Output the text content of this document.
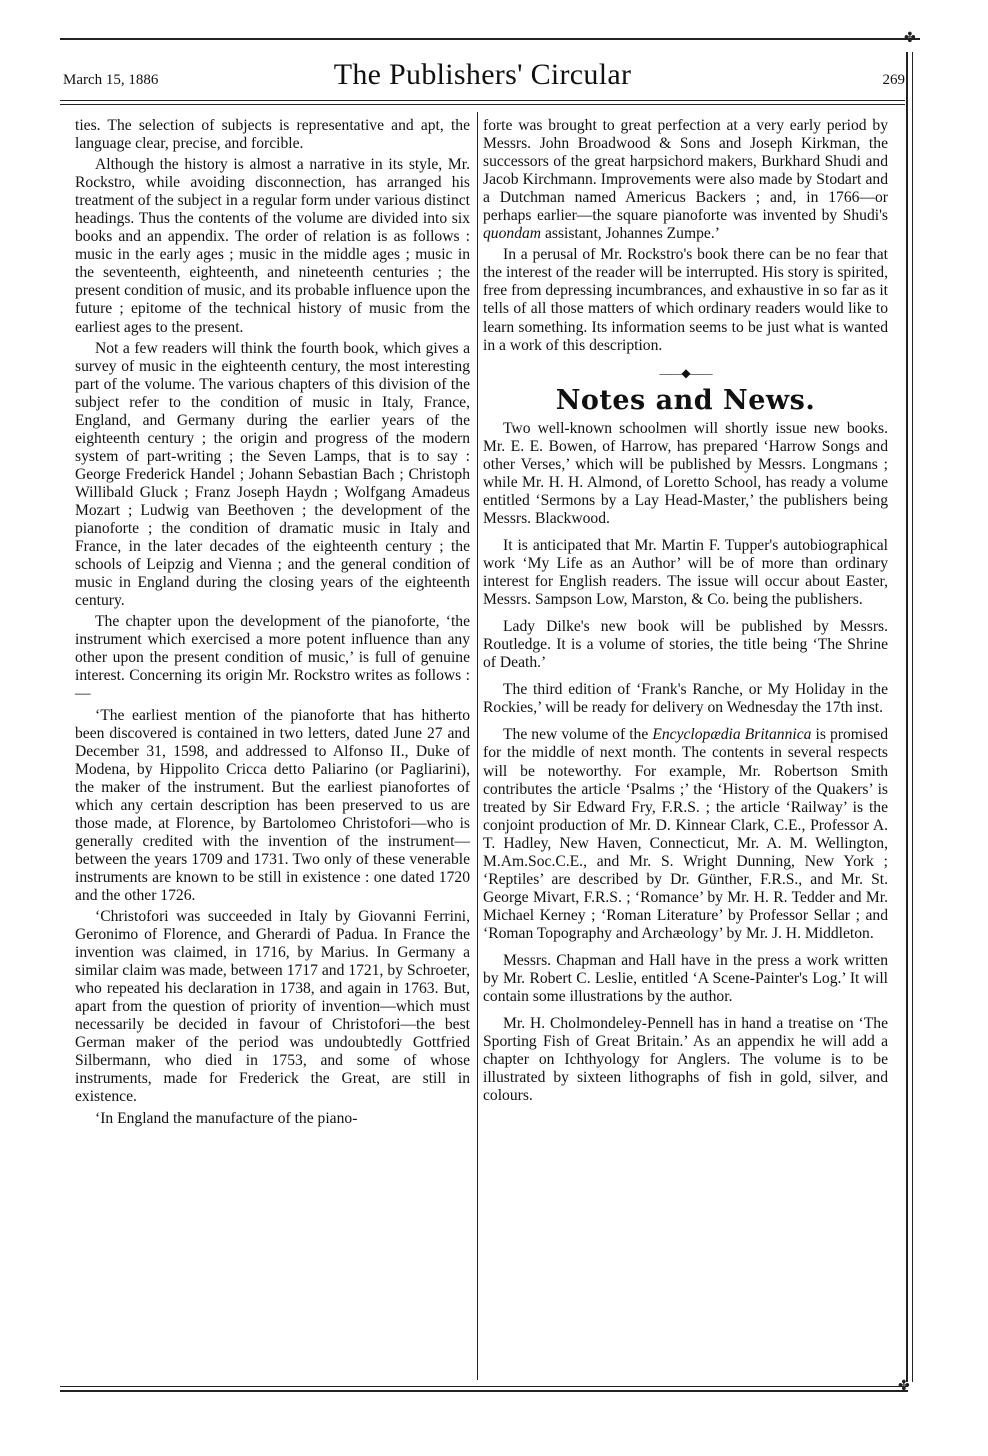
✤
✤
March 15, 1886	The Publishers' Circular	269

ties. The selection of subjects is representative and apt, the language clear, precise, and forcible.

Although the history is almost a narrative in its style, Mr. Rockstro, while avoiding disconnection, has arranged his treatment of the subject in a regular form under various distinct headings. Thus the contents of the volume are divided into six books and an appendix. The order of relation is as follows : music in the early ages ; music in the middle ages ; music in the seventeenth, eighteenth, and nineteenth centuries ; the present condition of music, and its probable influence upon the future ; epitome of the technical history of music from the earliest ages to the present.

Not a few readers will think the fourth book, which gives a survey of music in the eighteenth century, the most interesting part of the volume. The various chapters of this division of the subject refer to the condition of music in Italy, France, England, and Germany during the earlier years of the eighteenth century ; the origin and progress of the modern system of part-writing ; the Seven Lamps, that is to say : George Frederick Handel ; Johann Sebastian Bach ; Christoph Willibald Gluck ; Franz Joseph Haydn ; Wolfgang Amadeus Mozart ; Ludwig van Beethoven ; the development of the pianoforte ; the condition of dramatic music in Italy and France, in the later decades of the eighteenth century ; the schools of Leipzig and Vienna ; and the general condition of music in England during the closing years of the eighteenth century.

The chapter upon the development of the pianoforte, ‘the instrument which exercised a more potent influence than any other upon the present condition of music,’ is full of genuine interest. Concerning its origin Mr. Rockstro writes as follows :—

‘The earliest mention of the pianoforte that has hitherto been discovered is contained in two letters, dated June 27 and December 31, 1598, and addressed to Alfonso II., Duke of Modena, by Hippolito Cricca detto Paliarino (or Pagliarini), the maker of the instrument. But the earliest pianofortes of which any certain description has been preserved to us are those made, at Florence, by Bartolomeo Christofori—who is generally credited with the invention of the instrument—between the years 1709 and 1731. Two only of these venerable instruments are known to be still in existence : one dated 1720 and the other 1726.

‘Christofori was succeeded in Italy by Giovanni Ferrini, Geronimo of Florence, and Gherardi of Padua. In France the invention was claimed, in 1716, by Marius. In Germany a similar claim was made, between 1717 and 1721, by Schroeter, who repeated his declaration in 1738, and again in 1763. But, apart from the question of priority of invention—which must necessarily be decided in favour of Christofori—the best German maker of the period was undoubtedly Gottfried Silbermann, who died in 1753, and some of whose instruments, made for Frederick the Great, are still in existence.

‘In England the manufacture of the piano-

forte was brought to great perfection at a very early period by Messrs. John Broadwood & Sons and Joseph Kirkman, the successors of the great harpsichord makers, Burkhard Shudi and Jacob Kirchmann. Improvements were also made by Stodart and a Dutchman named Americus Backers ; and, in 1766—or perhaps earlier—the square pianoforte was invented by Shudi's quondam assistant, Johannes Zumpe.’

In a perusal of Mr. Rockstro's book there can be no fear that the interest of the reader will be interrupted. His story is spirited, free from depressing incumbrances, and exhaustive in so far as it tells of all those matters of which ordinary readers would like to learn something. Its information seems to be just what is wanted in a work of this description.

——◆——
Notes and News.

Two well-known schoolmen will shortly issue new books. Mr. E. E. Bowen, of Harrow, has prepared ‘Harrow Songs and other Verses,’ which will be published by Messrs. Longmans ; while Mr. H. H. Almond, of Loretto School, has ready a volume entitled ‘Sermons by a Lay Head-Master,’ the publishers being Messrs. Blackwood.

It is anticipated that Mr. Martin F. Tupper's autobiographical work ‘My Life as an Author’ will be of more than ordinary interest for English readers. The issue will occur about Easter, Messrs. Sampson Low, Marston, & Co. being the publishers.

Lady Dilke's new book will be published by Messrs. Routledge. It is a volume of stories, the title being ‘The Shrine of Death.’

The third edition of ‘Frank's Ranche, or My Holiday in the Rockies,’ will be ready for delivery on Wednesday the 17th inst.

The new volume of the Encyclopædia Britannica is promised for the middle of next month. The contents in several respects will be noteworthy. For example, Mr. Robertson Smith contributes the article ‘Psalms ;’ the ‘History of the Quakers’ is treated by Sir Edward Fry, F.R.S. ; the article ‘Railway’ is the conjoint production of Mr. D. Kinnear Clark, C.E., Professor A. T. Hadley, New Haven, Connecticut, Mr. A. M. Wellington, M.Am.Soc.C.E., and Mr. S. Wright Dunning, New York ; ‘Reptiles’ are described by Dr. Günther, F.R.S., and Mr. St. George Mivart, F.R.S. ; ‘Romance’ by Mr. H. R. Tedder and Mr. Michael Kerney ; ‘Roman Literature’ by Professor Sellar ; and ‘Roman Topography and Archæology’ by Mr. J. H. Middleton.

Messrs. Chapman and Hall have in the press a work written by Mr. Robert C. Leslie, entitled ‘A Scene-Painter's Log.’ It will contain some illustrations by the author.

Mr. H. Cholmondeley-Pennell has in hand a treatise on ‘The Sporting Fish of Great Britain.’ As an appendix he will add a chapter on Ichthyology for Anglers. The volume is to be illustrated by sixteen lithographs of fish in gold, silver, and colours.
